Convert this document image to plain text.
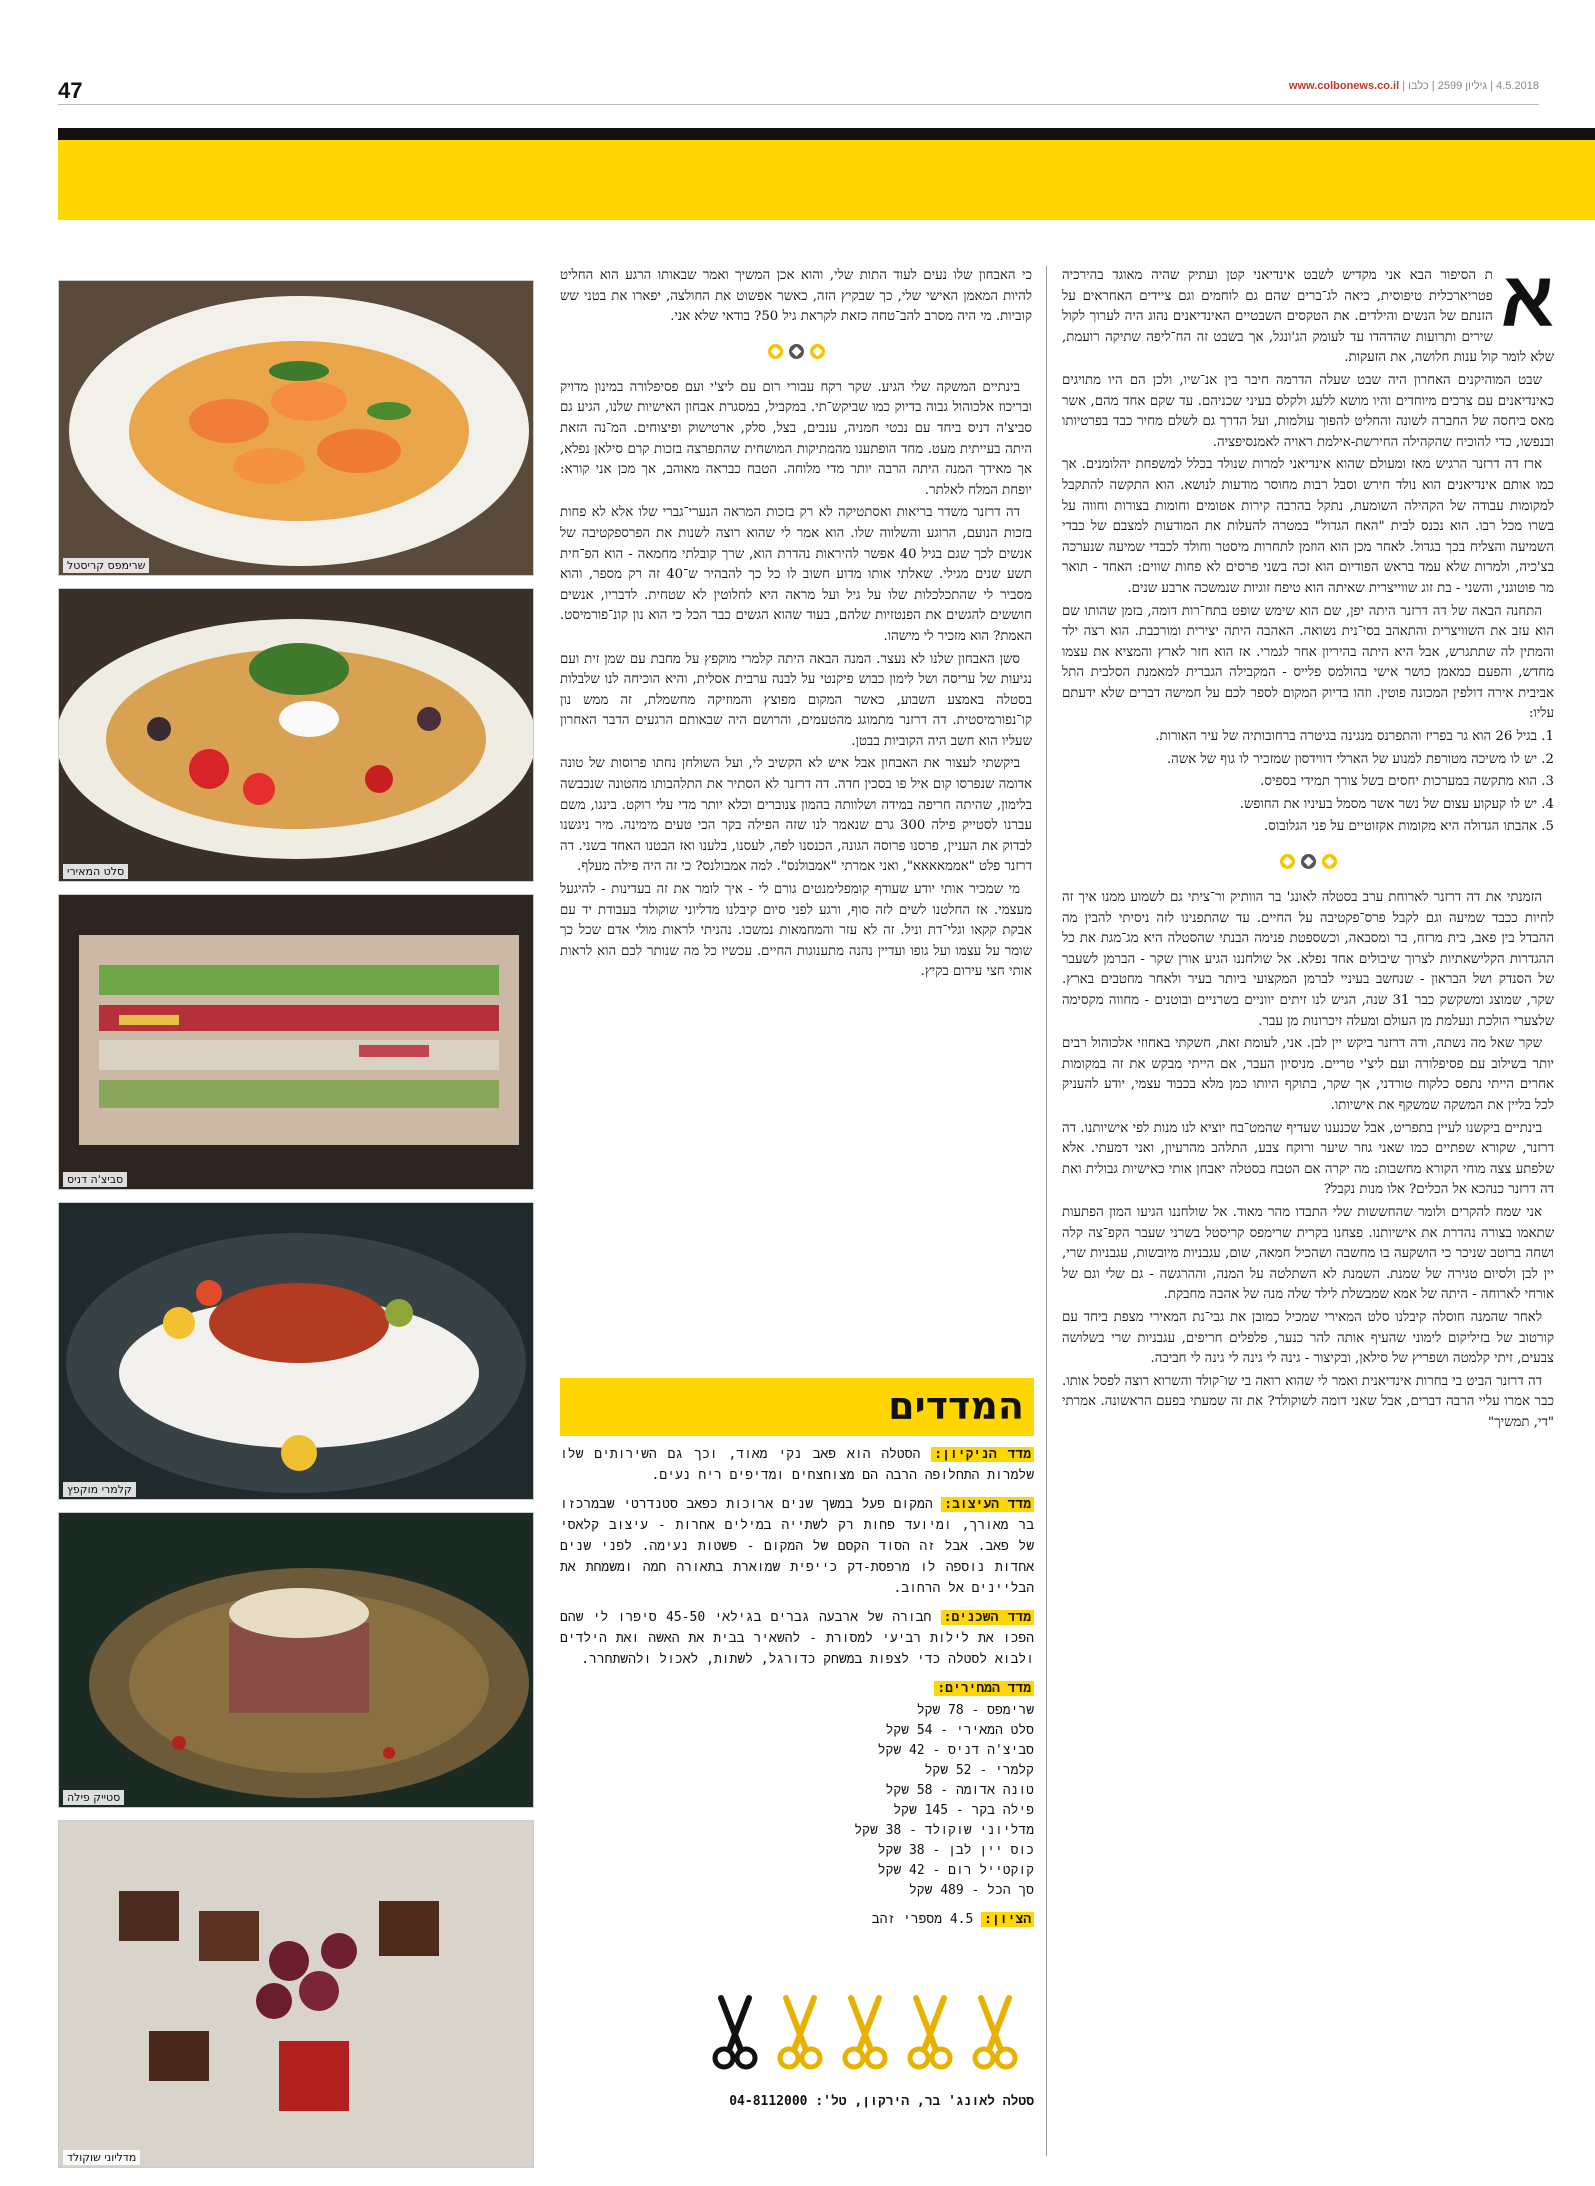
47	4.5.2018 | גיליון 2599 | כלבו | www.colbonews.co.il
א

ת הסיפור הבא אני מקדיש לשבט אינדיאני קטן ועתיק שהיה מאוגד בהירכיה פטריארכלית טיפוסית, כיאה לג־ברים שהם גם לוחמים וגם ציידים האחראים על הזנתם של הנשים והילדים. את הטקסים השבטיים האינדיאנים נהוג היה לערוך לקול שירים ותרועות שהדהדו עד לעומק הג'ונגל, אך בשבט זה הח־ליפה שתיקה רועמת, שלא לומר קול ענות חלושה, את הזעקות.

שבט המוהיקנים האחרון היה שבט שעלה הדרמה חיבר בין אנ־שיו, ולכן הם היו מתויגים כאינדיאנים עם צרכים מיוחדים והיו מושא ללעג ולקלס בעיני שכניהם. עד שקם אחד מהם, אשר מאס ביחסה של החברה לשונה והחליט להפוך עולמות, ועל הדרך גם לשלם מחיר כבד בפרטיותו ובנפשו, כדי להוכיח שהקהילה החירשת-אילמת ראויה לאמנסיפציה.

ארז דה דרזנר הרגיש מאז ומעולם שהוא אינדיאני למרות שנולד בכלל למשפחת יהלומנים. אך כמו אותם אינדיאנים הוא נולד חירש וסבל רבות מחוסר מודעות לנושא. הוא התקשה להתקבל למקומות עבודה של הקהילה השומעת, נתקל בהרבה קירות אטומים וחומות בצורות וחווה על בשרו מכל רבו. הוא נכנס לבית "האח הגדול" במטרה להעלות את המודעות למצבם של כבדי השמיעה והצליח בכך בגדול. לאחר מכן הוא הוזמן לתחרות מיסטר וחולד לכבדי שמיעה שנערכה בצ'כיה, ולמרות שלא עמד בראש הפודיום הוא זכה בשני פרסים לא פחות שווים: האחד - תואר מר פוטוגני, והשני - בת זוג שווייצרית שאיתה הוא טיפח זוגיות שנמשכה ארבע שנים.

התחנה הבאה של דה דרזנר היתה יפן, שם הוא שימש שופט בתח־רות דומה, בזמן שהותו שם הוא עזב את השוויצרית והתאהב בסי־נית נשואה. האהבה היתה יצירית ומורכבת. הוא רצה ילד והמתין לה שתתגרש, אבל היא היתה בהיריון אחר לגמרי. אז הוא חזר לארץ והמציא את עצמו מחדש, והפעם כמאמן כושר אישי בהולמס פלייס - המקבילה הגברית למאמנת הסלבית התל אביבית אירה דולפין המכונה פוטין. וזהו בדיוק המקום לספר לכם על חמישה דברים שלא ידעתם עליו:

1. בגיל 26 הוא גר בפריז והתפרנס מנגינה בגיטרה ברחובותיה של עיר האורות.
2. יש לו משיכה מטורפת למנוע של הארלי דווידסון שמזכיר לו גוף של אשה.
3. הוא מתקשה במערכות יחסים בשל צורך תמידי בספיס.
4. יש לו קעקוע עצום של נשר אשר מסמל בעיניו את החופש.
5. אהבתו הגדולה היא מקומות אקזוטיים על פני הגלובוס.

הזמנתי את דה דרזנר לארוחת ערב בסטלה לאונג' בר הוותיק ור־ציתי גם לשמוע ממנו איך זה לחיות ככבד שמיעה וגם לקבל פרס־פקטיבה על החיים. עד שהתפנינו לזה ניסיתי להבין מה ההבדל בין פאב, בית מרזח, בר ומסבאה, וכשספטת פנימה הבנתי שהסטלה היא מג־מגת את כל ההגדרות הקלישאתיות לצרוך שיבולים אחד נפלא. אל שולחננו הגיע אורן שקר - הברמן לשעבר של הסנדק ושל הבראון - שנחשב בעיניי לברמן המקצועי ביותר בעיר ולאחר מחטבים בארץ. שקר, שמוצג ומשקשק כבר 31 שנה, הגיש לנו זיתים יווניים בשרניים ובוטנים - מחווה מקסימה שלצערי הולכת ונעלמת מן העולם ומעלה זיכרונות מן עבר.

שקר שאל מה נשתה, ודה דרזנר ביקש יין לבן. אני, לעומת זאת, חשקתי באחוזי אלכוהול רבים יותר בשילוב עם פסיפלורה ועם ליצ'י טריים. מניסיון העבר, אם הייתי מבקש את זה במקומות אחרים הייתי נתפס כלקוח טורדני, אך שקר, בתוקף היותו כמן מלא בכבוד עצמי, יודע להעניק לכל בליין את המשקה שמשקף את אישיותו.

בינתיים ביקשנו לעיין בתפריט, אבל שכנענו שעדיף שהמט־בח יוציא לנו מנות לפי אישיותנו. דה דרזנר, שקורא שפתיים כמו שאני גוזר שיער ורוקח צבע, התלהב מהרעיון, ואני דמעתי. אלא שלפתע צצה מוחי הקורא מחשבות: מה יקרה אם הטבח בסטלה יאבחן אותי כאישיות גבולית ואת דה דרזנר כנהכא אל הכלים? אלו מנות נקבל?

אני שמח להקרים ולומר שהחששות שלי התבדו מהר מאוד. אל שולחננו הגיעו המון הפתעות שתאמו בצורה נהדרת את אישיותנו. פצחנו בקרית שרימפס קריסטל בשרני שעבר הקפ־צה קלה ושחה ברוטב שניכר כי הושקעה בו מחשבה ושהכיל חמאה, שום, עגבניות מיובשות, עגבניות שרי, יין לבן ולסיום טגירה של שמנת. השמנת לא השתלטה על המנה, וההרגשה - גם שלי וגם של אורחי לארוחה - היתה של אמא שמבשלת לילד שלה מנה של אהבה מחבקת.

לאחר שהמנה חוסלה קיבלנו סלט המאירי שמכיל כמובן את גבי־נת המאירי מצפת ביחד עם קורטוב של בזיליקום לימוני שהעיף אותה להר כנער, פלפלים חריפים, עגבניות שרי בשלושה צבעים, זיתי קלמטה ושפריץ של סילאן, ובקיצור - גינה לי גינה לי גינה לי חביבה.

דה דרזנר הביט בי בחרות אינדיאנית ואמר לי שהוא רואה בי שו־קולד והשרוא רוצה לפסל אותו. כבר אמרו עליי הרבה דברים, אבל שאני דומה לשוקולד? את זה שמעתי בפעם הראשונה. אמרתי "די, תמשיך"

כי האבחון שלו נעים לעוד התות שלי, והוא אכן המשיך ואמר שבאותו הרגע הוא החליט להיות המאמן האישי שלי, כך שבקיץ הזה, כאשר אפשוט את החולצה, יפארו את בטני שש קוביות. מי היה מסרב להב־טחה כזאת לקראת גיל 50? בודאי שלא אני.

בינתיים המשקה שלי הגיע. שקר רקח עבורי רום עם ליצ'י ועם פסיפלורה במינון מדויק ובריכוז אלכוהול גבוה בדיוק כמו שביקש־תי. במקביל, במסגרת אבחון האישיות שלנו, הגיע גם סביצ'ה דניס ביחד עם נבטי חמניה, ענבים, בצל, סלק, ארטישוק ופיצוחים. המ־נה הזאת היתה בעייתית מעט. מחד הופתענו מהמתיקות המושחית שהתפרצה בזכות קרם סילאן נפלא, אך מאידך המנה היתה הרבה יותר מדי מלוחה. הטבח כבראה מאוהב, אך מכן אני קורא: יופחת המלח לאלתר.

דה דרזנר משדר בריאות ואסתטיקה לא רק בזכות המראה הנערי־גברי שלו אלא לא פחות בזכות הנועם, הרוגע והשלווה שלו. הוא אמר לי שהוא רוצה לשנות את הפרספקטיבה של אנשים לכך שגם בגיל 40 אפשר להיראות נהדרת הוא, שרך קובלתי מחמאה - הוא הפ־חית תשע שנים מגילי. שאלתי אותו מדוע חשוב לו כל כך להבהיר ש־40 זה רק מספר, והוא מסביר לי שהתכלכלות שלו על גיל ועל מראה היא לחלוטין לא שטחית. לדבריו, אנשים חוששים להגשים את הפנטזיות שלהם, בעוד שהוא הגשים כבר הכל כי הוא נון קונ־פורמיסט. האמת? הוא מזכיר לי מישהו.

סשן האבחון שלנו לא נעצר. המנה הבאה היתה קלמרי מוקפץ על מחבת עם שמן זית ועם נגיעות של עריסה ושל לימון כבוש פיקנטי על לבנה ערבית אסלית, והיא הוכיחה לנו שלבלות בסטלה באמצע השבוע, כאשר המקום מפוצץ והמוזיקה מחשמלת, זה ממש נון קו־נפורמיסטית. דה דרזנר מתמוגג מהטעמים, והרושם היה שבאותם הרגעים הדבר האחרון שעליו הוא חשב היה הקוביות בבטן.

ביקשתי לעצור את האבחון אבל איש לא הקשיב לי, ועל השולחן נחתו פרוסות של טונה אדומה שנפרסו קום איל פו בסכין חדה. דה דרזנר לא הסתיר את התלהבותו מהטונה שנכבשה בלימון, שהיתה חריפה במידה ושלוותה בהמון צנוברים וכלא יותר מדי עלי רוקט. בינגו, משם עברנו לסטייק פילה 300 גרם שנאמר לנו שזה הפילה בקר הכי טעים מימינה. מיר ניגשנו לבדוק את העניין, פרסנו פרוסה הגונה, הכנסנו לפה, לעסנו, בלענו ואז הבטנו האחד בשני. דה דרזנר פלט "אממאאאא", ואני אמרתי "אמבולנס". למה אמבולנס? כי זה היה פילה מעלף.

מי שמכיר אותי יודע שעודף קומפלימנטים גורם לי - איך לומר את זה בעדינות - להיגעל מעצמי. אז החלטנו לשים לזה סוף, ורגע לפני סיום קיבלנו מדליוני שוקולד בעבודת יד עם אבקת קקאו וגלי־דת וניל. זה לא עזר והמחמאות נמשכו. נהניתי לראות מולי אדם שכל כך שומר על עצמו ועל גופו ועדיין נהנה מתענוגות החיים. עכשיו כל מה שנותר לכם הוא לראות אותי חצי עירום בקיץ.

המדדים

מדד הניקיון: הסטלה הוא פאב נקי מאוד, וכך גם השירותים שלו שלמרות התחלופה הרבה הם מצוחצחים ומדיפים ריח נעים.

מדד העיצוב: המקום פעל במשך שנים ארוכות כפאב סטנדרטי שבמרכזו בר מאורך, ומיועד פחות רק לשתייה במילים אחרות - עיצוב קלאסי של פאב. אבל זה הסוד הקסם של המקום - פשטות נעימה. לפני שנים אחדות נוספה לו מרפסת-דק כייפית שמוארת בתאורה חמה ומשמחת את הבליינים אל הרחוב.

מדד השכנים: חבורה של ארבעה גברים בגילאי 45-50 סיפרו לי שהם הפכו את לילות רביעי למסורת - להשאיר בבית את האשה ואת הילדים ולבוא לסטלה כדי לצפות במשחק כדורגל, לשתות, לאכול ולהשתחרר.

מדד המחירים:

שרימפס - 78 שקל
סלט המאירי - 54 שקל
סביצ'ה דניס - 42 שקל
קלמרי - 52 שקל
טונה אדומה - 58 שקל
פילה בקר - 145 שקל
מדליוני שוקולד - 38 שקל
כוס יין לבן - 38 שקל
קוקטייל רום - 42 שקל
סך הכל - 489 שקל

הציון: 4.5 מספרי זהב

סטלה לאונג' בר, הירקון, טל': 04-8112000
שרימפס קריסטל
סלט המאירי
סביצ'ה דניס
קלמרי מוקפץ
סטייק פילה
מדליוני שוקולד
